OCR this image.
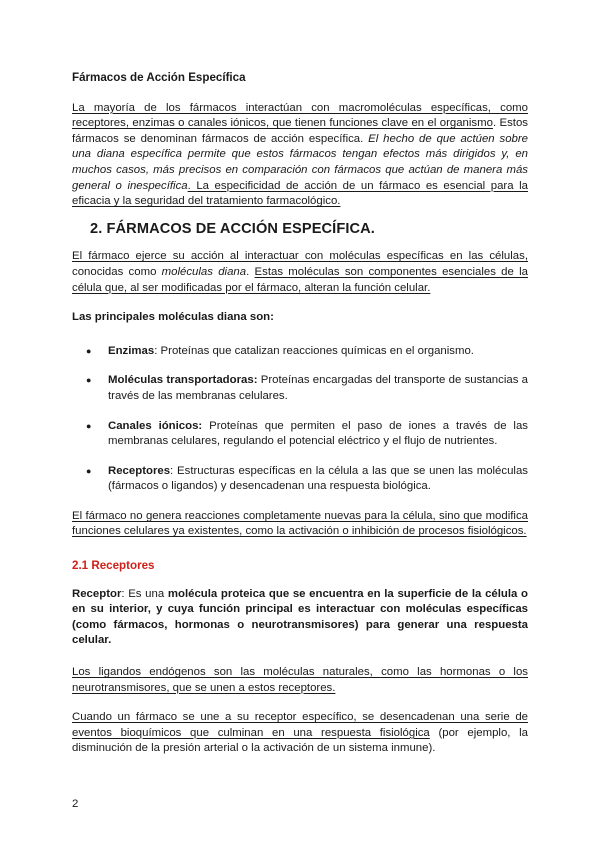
Fármacos de Acción Específica

La mayoría de los fármacos interactúan con macromoléculas específicas, como receptores, enzimas o canales iónicos, que tienen funciones clave en el organismo. Estos fármacos se denominan fármacos de acción específica. El hecho de que actúen sobre una diana específica permite que estos fármacos tengan efectos más dirigidos y, en muchos casos, más precisos en comparación con fármacos que actúan de manera más general o inespecífica. La especificidad de acción de un fármaco es esencial para la eficacia y la seguridad del tratamiento farmacológico.

2. FÁRMACOS DE ACCIÓN ESPECÍFICA.

El fármaco ejerce su acción al interactuar con moléculas específicas en las células, conocidas como moléculas diana. Estas moléculas son componentes esenciales de la célula que, al ser modificadas por el fármaco, alteran la función celular.

Las principales moléculas diana son:

● Enzimas: Proteínas que catalizan reacciones químicas en el organismo.
● Moléculas transportadoras: Proteínas encargadas del transporte de sustancias a través de las membranas celulares.
● Canales iónicos: Proteínas que permiten el paso de iones a través de las membranas celulares, regulando el potencial eléctrico y el flujo de nutrientes.
● Receptores: Estructuras específicas en la célula a las que se unen las moléculas (fármacos o ligandos) y desencadenan una respuesta biológica.

El fármaco no genera reacciones completamente nuevas para la célula, sino que modifica funciones celulares ya existentes, como la activación o inhibición de procesos fisiológicos.

2.1 Receptores

Receptor: Es una molécula proteica que se encuentra en la superficie de la célula o en su interior, y cuya función principal es interactuar con moléculas específicas (como fármacos, hormonas o neurotransmisores) para generar una respuesta celular.

Los ligandos endógenos son las moléculas naturales, como las hormonas o los neurotransmisores, que se unen a estos receptores.

Cuando un fármaco se une a su receptor específico, se desencadenan una serie de eventos bioquímicos que culminan en una respuesta fisiológica (por ejemplo, la disminución de la presión arterial o la activación de un sistema inmune).

2
